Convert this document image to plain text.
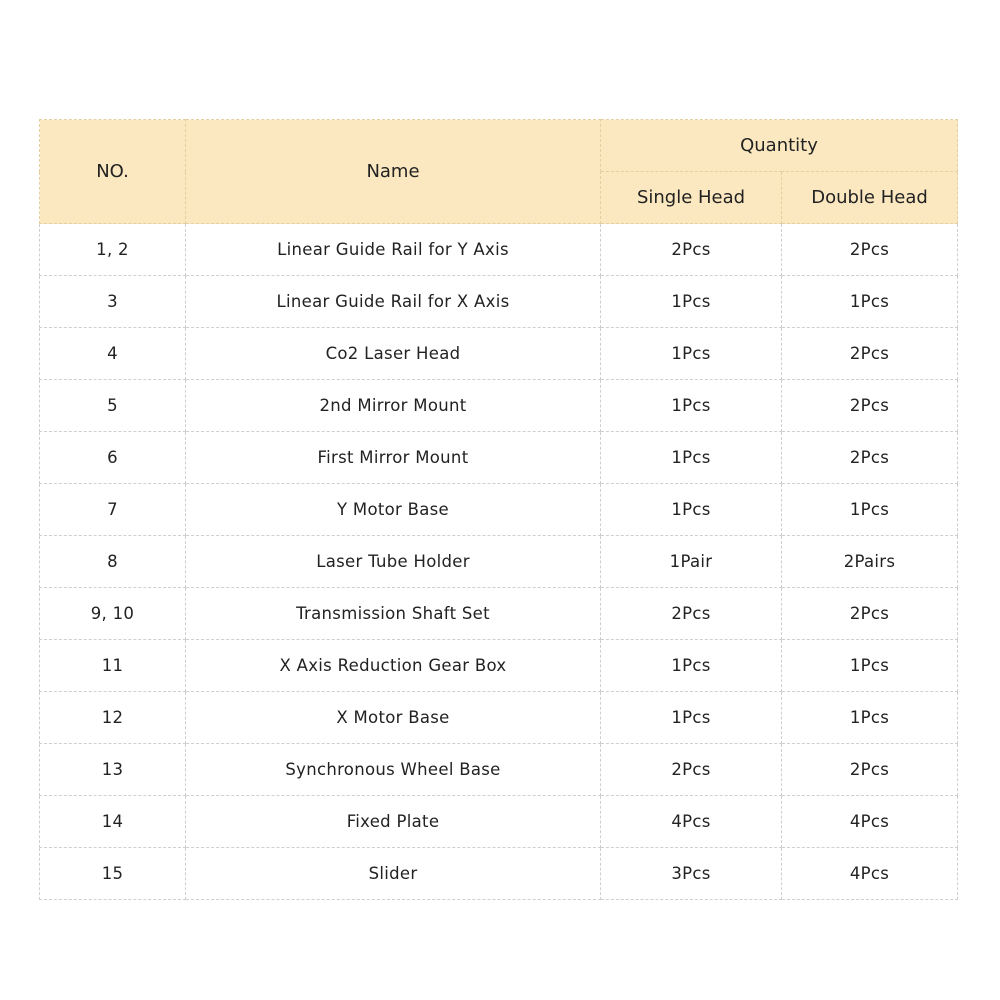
NO.	Name	Quantity	
		Single Head	Double Head
1, 2	Linear Guide Rail for Y Axis	2Pcs	2Pcs
3	Linear Guide Rail for X Axis	1Pcs	1Pcs
4	Co2 Laser Head	1Pcs	2Pcs
5	2nd Mirror Mount	1Pcs	2Pcs
6	First Mirror Mount	1Pcs	2Pcs
7	Y Motor Base	1Pcs	1Pcs
8	Laser Tube Holder	1Pair	2Pairs
9, 10	Transmission Shaft Set	2Pcs	2Pcs
11	X Axis Reduction Gear Box	1Pcs	1Pcs
12	X Motor Base	1Pcs	1Pcs
13	Synchronous Wheel Base	2Pcs	2Pcs
14	Fixed Plate	4Pcs	4Pcs
15	Slider	3Pcs	4Pcs
